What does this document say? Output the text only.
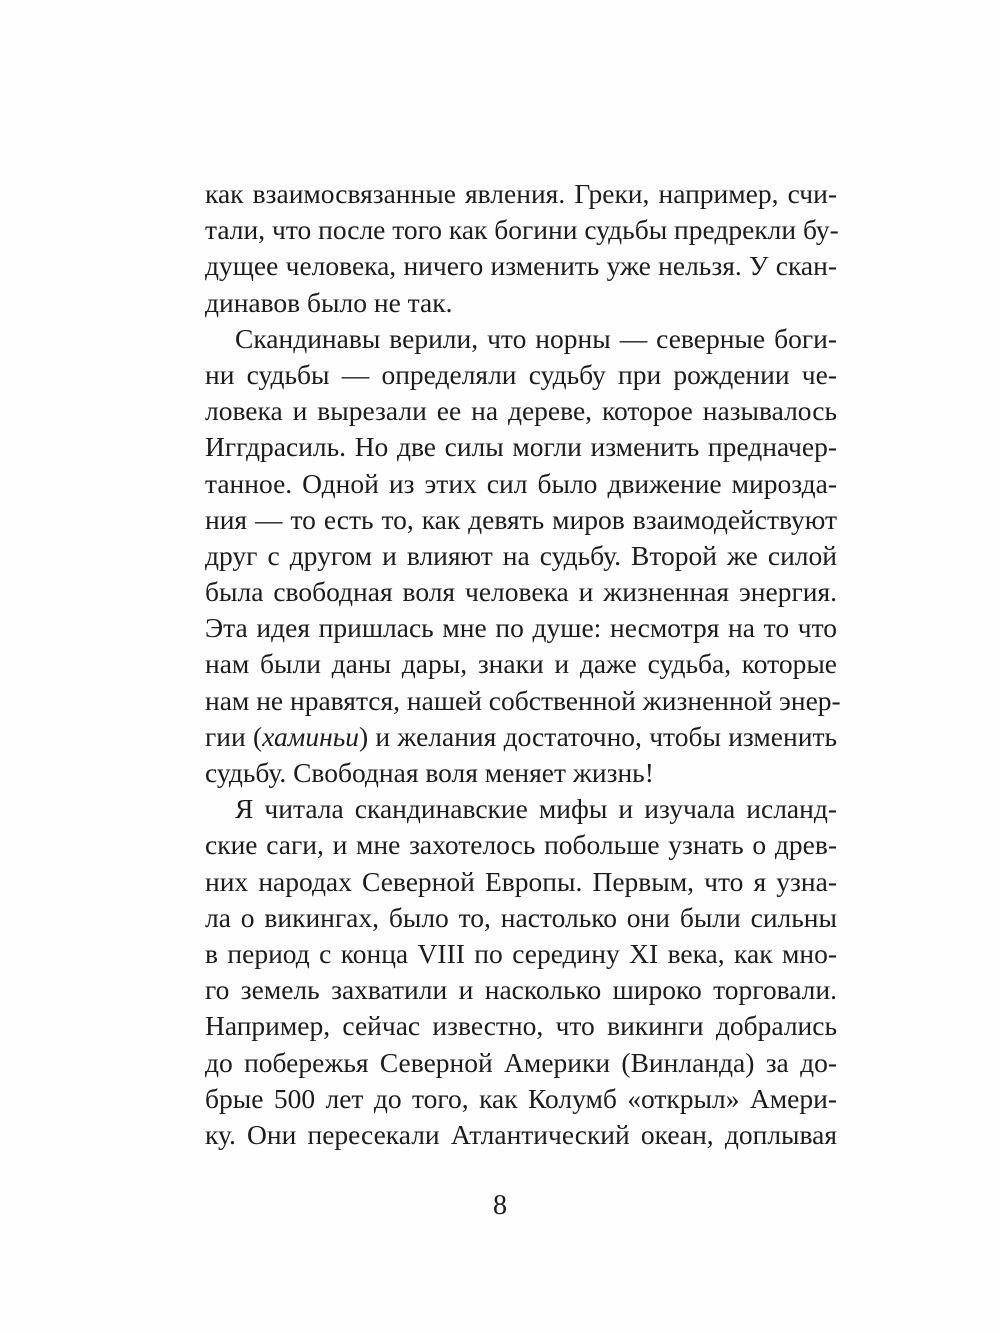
как взаимосвязанные явления. Греки, например, счи-
тали, что после того как богини судьбы предрекли бу-
дущее человека, ничего изменить уже нельзя. У скан-
динавов было не так.
Скандинавы верили, что норны — северные боги-
ни судьбы — определяли судьбу при рождении че-
ловека и вырезали ее на дереве, которое называлось
Иггдрасиль. Но две силы могли изменить предначер-
танное. Одной из этих сил было движение мироздa-
ния — то есть то, как девять миров взаимодействуют
друг с другом и влияют на судьбу. Второй же силой
была свободная воля человека и жизненная энергия.
Эта идея пришлась мне по душе: несмотря на то что
нам были даны дары, знаки и даже судьба, которые
нам не нравятся, нашей собственной жизненной энер-
гии (хаминьи) и желания достаточно, чтобы изменить
судьбу. Свободная воля меняет жизнь!
Я читала скандинавские мифы и изучала исланд-
ские саги, и мне захотелось побольше узнать о древ-
них народах Северной Европы. Первым, что я узна-
ла о викингах, было то, настолько они были сильны
в период с конца VIII по середину XI века, как мно-
го земель захватили и насколько широко торговали.
Например, сейчас известно, что викинги добрались
до побережья Северной Америки (Винланда) за до-
брые 500 лет до того, как Колумб «открыл» Амери-
ку. Они пересекали Атлантический океан, доплывая
8
